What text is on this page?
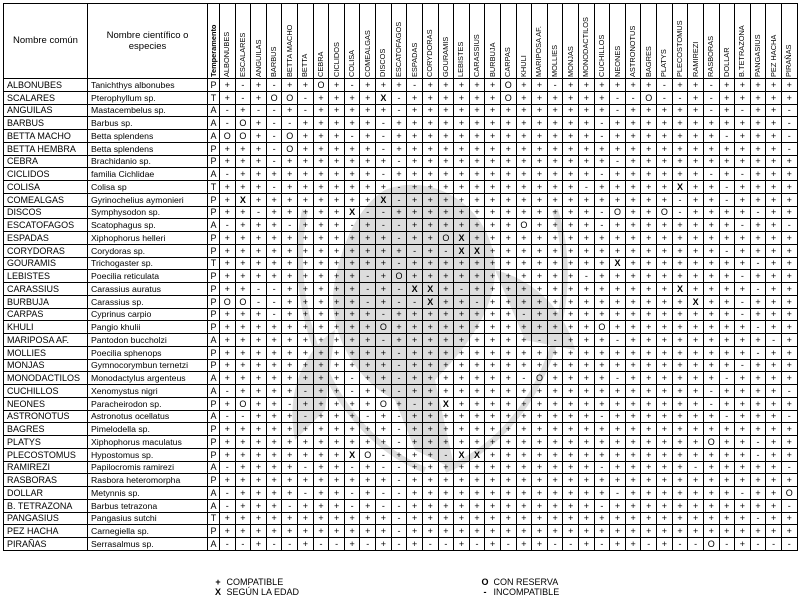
Nombre común	Nombre científico o especies	Temperamento	ALBONUBES	ESCALARES	ANGUILAS	BARBUS	BETTA MACHO	BETTA	CEBRA	CICLIDOS	COLISA	COMEALGAS	DISCOS	ESCATOFAGOS	ESPADAS	CORYDORAS	GOURAMIS	LEBISTES	CARASSIUS	BURBUJA	CARPAS	KHULI	MARIPOSA AF.	MOLLIES	MONJAS	MONODACTILOS	CUCHILLOS	NEONES	ASTRONOTUS	BAGRES	PLATYS	PLECOSTOMUS	RAMIREZI	RASBORAS	DOLLAR	B.TETRAZONA	PANGASIUS	PEZ HACHA	PIRAÑAS

ALBONUBES	Tanichthys albonubes	P	+	-	+	-	+	+	O	+	-	+	+	+	-	+	+	+	+	+	O	+	+	-	+	+	+	+	+	+	-	+	+	-	+	+	+	+	+
SCALARES	Pterophyllum sp.	T	+	-	+	O	O	-	+	+	+	+	X	-	+	+	+	+	+	+	O	+	+	+	+	+	+	-	-	O	-	-	+	-	+	+	+	+	+
ANGUILAS	Mastacembelus sp.	A	-	+	-	-	+	-	+	+	+	+	+	-	+	+	+	+	+	+	+	+	+	+	+	+	+	-	+	+	+	+	+	-	+	-	+	+	-
BARBUS	Barbus sp.	A	-	O	+	-	-	+	+	+	+	+	-	+	+	+	+	+	+	+	+	+	+	+	+	+	-	+	+	+	+	+	+	+	+	+	+	+	-
BETTA MACHO	Betta splendens	A	O	O	+	-	O	+	+	+	-	+	-	+	+	+	+	+	+	+	+	+	+	+	+	+	-	+	+	+	+	+	+	+	-	+	+	+	-
BETTA HEMBRA	Betta splendens	P	+	+	+	-	O	+	+	+	+	+	-	+	+	+	+	+	+	+	+	+	+	+	+	+	+	+	+	+	+	+	+	+	+	+	+	+	-
CEBRA	Brachidanio sp.	P	+	+	+	-	+	+	+	+	+	+	+	-	+	+	+	+	+	+	+	+	+	+	+	+	+	-	+	+	+	+	+	+	+	+	+	+	+
CICLIDOS	familia Cichlidae	A	-	+	+	+	+	+	+	+	+	+	-	+	+	+	+	+	+	+	+	+	+	+	+	+	-	+	+	+	+	+	+	-	+	-	+	+	+
COLISA	Colisa sp	T	+	+	+	-	+	+	+	+	+	+	+	-	+	+	+	+	+	+	+	+	+	+	+	-	+	+	+	+	+	X	+	+	-	+	+	+	+
COMEALGAS	Gyrinochelius aymonieri	P	+	X	+	+	+	+	+	+	+	+	X	-	+	+	+	+	+	+	+	+	+	+	+	+	+	+	+	+	+	-	+	+	-	+	+	+	+
DISCOS	Symphysodon sp.	P	+	+	-	+	+	+	+	+	X	-	-	+	+	+	+	+	+	+	+	+	+	+	+	+	-	O	+	+	O	-	+	+	+	+	-	+	+
ESCATOFAGOS	Scatophagus sp.	A	-	+	+	+	-	+	+	+	-	+	-	-	+	+	+	+	+	+	+	O	+	+	+	+	-	+	+	+	+	+	+	+	+	-	+	+	-
ESPADAS	Xiphophorus helleri	P	+	+	+	+	+	+	+	+	+	+	+	-	+	+	O	X	+	+	+	+	+	+	+	+	+	+	+	+	+	+	+	+	+	+	+	+	+
CORYDORAS	Corydoras sp.	P	+	+	+	+	+	+	+	+	+	+	+	+	-	+	-	X	X	+	+	+	+	+	+	+	+	+	+	+	+	+	+	+	-	+	+	+	+
GOURAMIS	Trichogaster sp.	T	+	+	+	+	+	+	+	+	+	+	+	-	+	+	+	+	+	+	+	+	+	+	+	+	+	X	+	+	+	+	+	+	+	+	-	+	+
LEBISTES	Poecilia reticulata	P	+	+	+	+	+	+	+	+	+	-	+	O	+	+	+	+	+	+	+	+	+	+	+	-	+	+	+	+	+	+	+	+	+	-	+	+	+
CARASSIUS	Carassius auratus	P	+	+	-	-	+	+	+	+	+	-	+	-	X	X	+	-	+	+	+	+	+	+	+	+	+	+	+	+	+	X	+	+	+	+	-	+	+
BURBUJA	Carassius sp.	P	O	O	-	-	+	+	+	+	+	-	+	-	-	X	+	+	-	+	+	+	+	+	+	+	+	+	+	+	+	+	X	+	+	-	+	+	+
CARPAS	Cyprinus carpio	P	+	+	+	-	+	+	+	+	+	+	-	+	+	+	+	+	+	+	+	-	+	+	+	+	+	+	+	+	+	+	+	+	+	-	+	+	+
KHULI	Pangio khulii	P	+	+	+	+	+	+	+	+	+	+	O	+	+	+	+	+	+	+	+	+	+	+	+	+	O	+	+	+	+	+	+	+	+	+	-	+	+
MARIPOSA AF.	Pantodon buccholzi	A	+	+	+	+	+	+	+	+	+	+	-	+	+	+	+	+	+	+	+	+	-	-	+	+	+	-	+	+	+	+	+	+	+	+	+	-	+
MOLLIES	Poecilia sphenops	P	+	+	+	+	+	+	+	+	+	+	+	-	+	+	+	+	+	+	+	+	+	+	+	+	+	+	+	+	+	+	+	+	+	+	-	+	+
MONJAS	Gymnocorymbun ternetzi	P	+	+	+	+	+	+	+	+	+	+	+	-	+	+	+	+	+	+	+	+	+	+	+	+	+	+	+	+	+	+	+	+	+	-	+	+	+
MONODACTILOS	Monodactylus argenteus	A	+	+	+	+	+	+	+	+	-	+	+	-	+	+	+	+	+	+	+	-	O	+	+	+	+	-	+	+	+	+	+	+	-	+	+	+	+
CUCHILLOS	Xenomystus nigri	A	-	+	+	+	+	-	+	+	-	+	+	-	+	+	+	+	+	+	+	+	+	+	+	+	+	+	+	+	+	+	+	-	+	+	+	+	-
NEONES	Paracheirodon sp.	P	+	O	+	+	-	+	+	+	+	+	O	+	-	+	X	+	+	+	+	+	+	+	+	+	+	+	+	+	+	+	+	-	+	+	+	+	+
ASTRONOTUS	Astronotus ocellatus	A	-	-	+	+	+	-	+	+	+	-	+	-	+	+	+	+	+	+	+	+	+	+	+	+	-	+	+	+	+	+	+	+	-	+	+	+	-
BAGRES	Pimelodella sp.	P	+	+	+	+	+	+	+	+	+	+	+	-	+	+	+	+	+	+	+	+	+	+	+	+	+	+	+	+	+	+	+	+	+	+	+	+	+
PLATYS	Xiphophorus maculatus	P	+	+	+	+	+	+	+	+	+	+	+	-	+	+	+	+	+	+	+	+	+	+	+	+	+	+	+	+	+	+	+	O	+	+	-	+	+
PLECOSTOMUS	Hypostomus sp.	P	+	+	+	+	+	+	+	+	X	O	-	+	+	+	-	X	X	+	+	+	+	+	+	+	+	+	+	+	+	+	+	+	+	+	-	+	+
RAMIREZI	Papilocromis ramirezi	A	-	+	+	+	+	-	+	+	-	+	-	-	+	+	+	+	+	+	+	+	+	+	+	+	-	+	+	+	+	+	-	+	+	+	+	+	-
RASBORAS	Rasbora heteromorpha	P	+	+	+	+	+	+	+	+	+	+	+	-	+	+	+	+	+	+	+	+	+	+	+	+	+	+	+	+	+	+	+	+	+	+	+	+	+
DOLLAR	Metynnis sp.	A	-	+	+	+	+	-	+	+	-	+	-	-	+	+	+	+	+	+	+	+	+	+	+	+	+	-	+	+	+	+	+	+	+	-	+	+	O
B. TETRAZONA	Barbus tetrazona	A	-	+	+	+	-	+	+	+	-	+	-	-	+	+	+	+	+	+	+	+	+	+	+	+	-	+	+	+	+	+	+	+	+	+	+	+	-
PANGASIUS	Pangasius sutchi	T	+	+	+	+	+	+	+	+	+	+	+	-	+	+	+	+	+	+	+	+	+	+	+	+	+	+	+	+	+	+	+	+	+	+	-	+	+
PEZ HACHA	Carnegiella sp.	P	+	+	+	+	+	+	+	+	+	+	+	-	+	+	+	+	+	+	+	+	+	+	+	+	+	+	+	+	+	+	+	+	+	+	+	+	+
PIRAÑAS	Serrasalmus sp.	A	-	-	+	-	-	+	-	-	+	-	+	-	+	-	-	+	-	+	-	+	+	-	-	+	-	+	+	-	+	-	-	O	-	+	-	-	-
+ COMPATIBLE
X SEGÚN LA EDAD
O CON RESERVA
- INCOMPATIBLE
